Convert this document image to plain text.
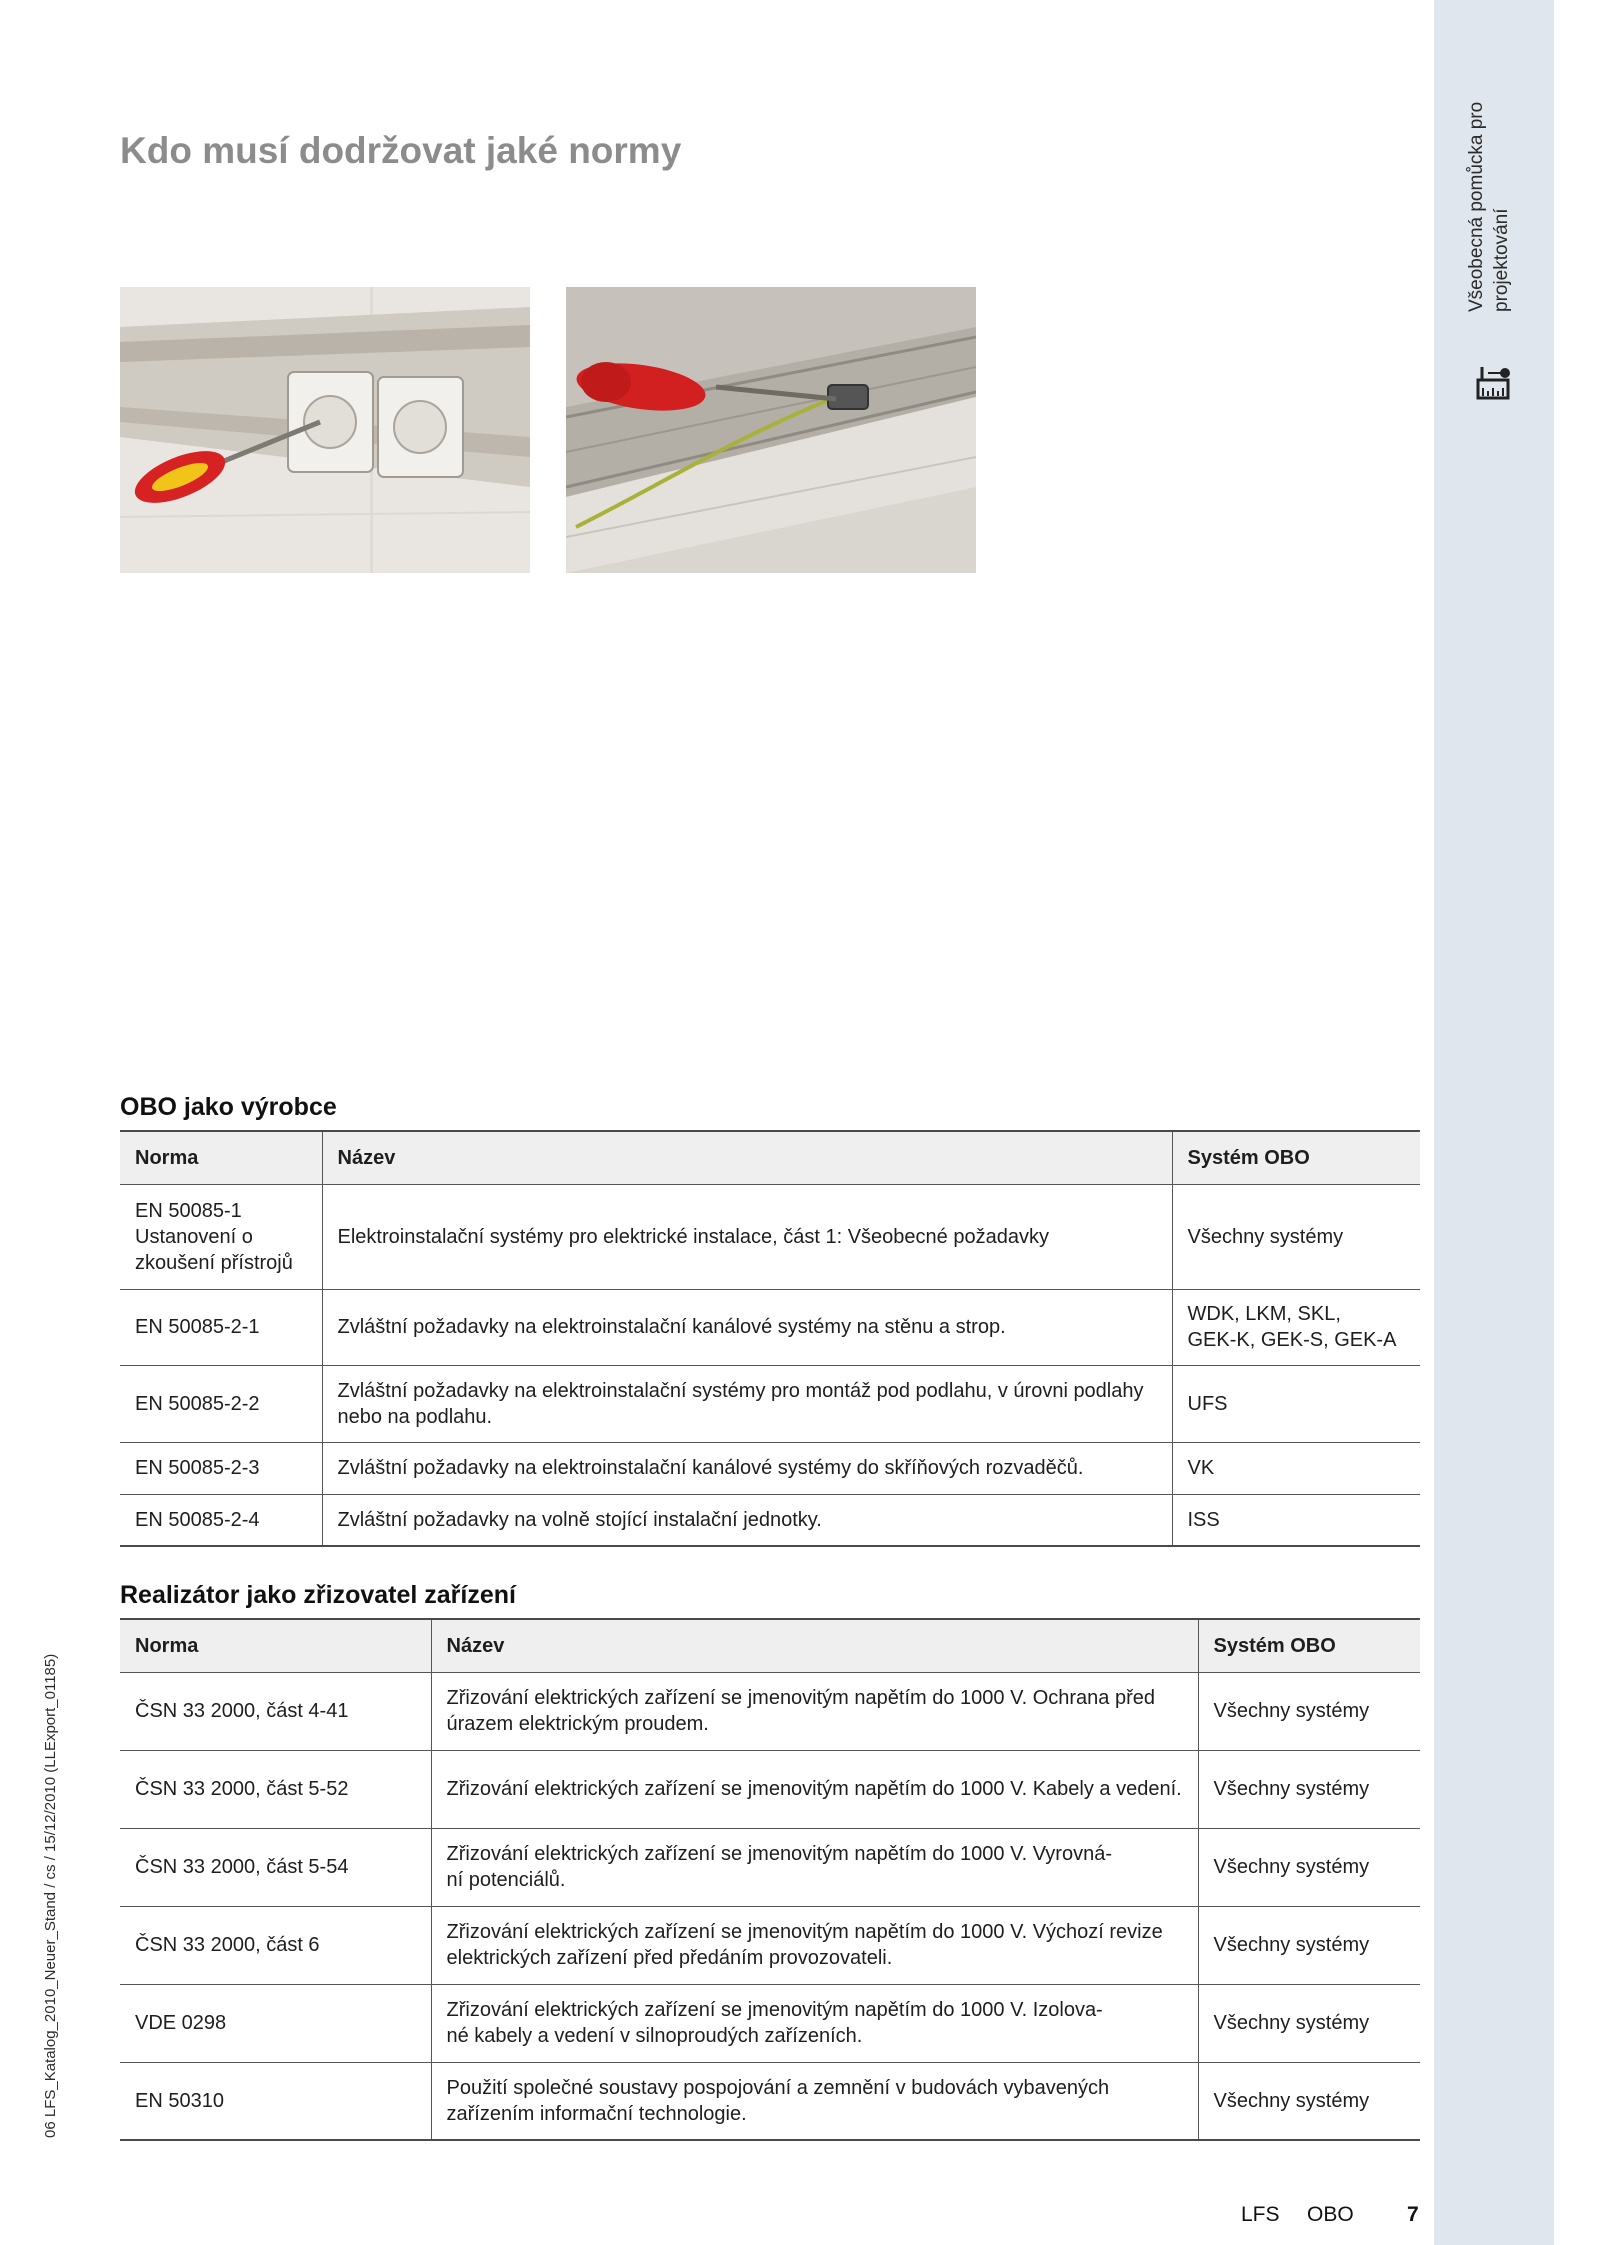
Všeobecná pomůcka pro projektování
06 LFS_Katalog_2010_Neuer_Stand / cs / 15/12/2010 (LLExport_01185)
Kdo musí dodržovat jaké normy
OBO jako výrobce
Norma	Název	Systém OBO
EN 50085-1
Ustanovení o
zkoušení přístrojů	Elektroinstalační systémy pro elektrické instalace, část 1: Všeobecné požadavky	Všechny systémy
EN 50085-2-1	Zvláštní požadavky na elektroinstalační kanálové systémy na stěnu a strop.	WDK, LKM, SKL,
GEK-K, GEK-S, GEK-A
EN 50085-2-2	Zvláštní požadavky na elektroinstalační systémy pro montáž pod podlahu, v úrovni podlahy nebo na podlahu.	UFS
EN 50085-2-3	Zvláštní požadavky na elektroinstalační kanálové systémy do skříňových rozvaděčů.	VK
EN 50085-2-4	Zvláštní požadavky na volně stojící instalační jednotky.	ISS
Realizátor jako zřizovatel zařízení
Norma	Název	Systém OBO
ČSN 33 2000, část 4-41	Zřizování elektrických zařízení se jmenovitým napětím do 1000 V. Ochrana před úrazem elektrickým proudem.	Všechny systémy
ČSN 33 2000, část 5-52	Zřizování elektrických zařízení se jmenovitým napětím do 1000 V. Kabely a vedení.	Všechny systémy
ČSN 33 2000, část 5-54	Zřizování elektrických zařízení se jmenovitým napětím do 1000 V. Vyrovná-
ní potenciálů.	Všechny systémy
ČSN 33 2000, část 6	Zřizování elektrických zařízení se jmenovitým napětím do 1000 V. Výchozí revize elektrických zařízení před předáním provozovateli.	Všechny systémy
VDE 0298	Zřizování elektrických zařízení se jmenovitým napětím do 1000 V. Izolova-
né kabely a vedení v silnoproudých zařízeních.	Všechny systémy
EN 50310	Použití společné soustavy pospojování a zemnění v budovách vybavených zařízením informační technologie.	Všechny systémy
LFS OBO	7
